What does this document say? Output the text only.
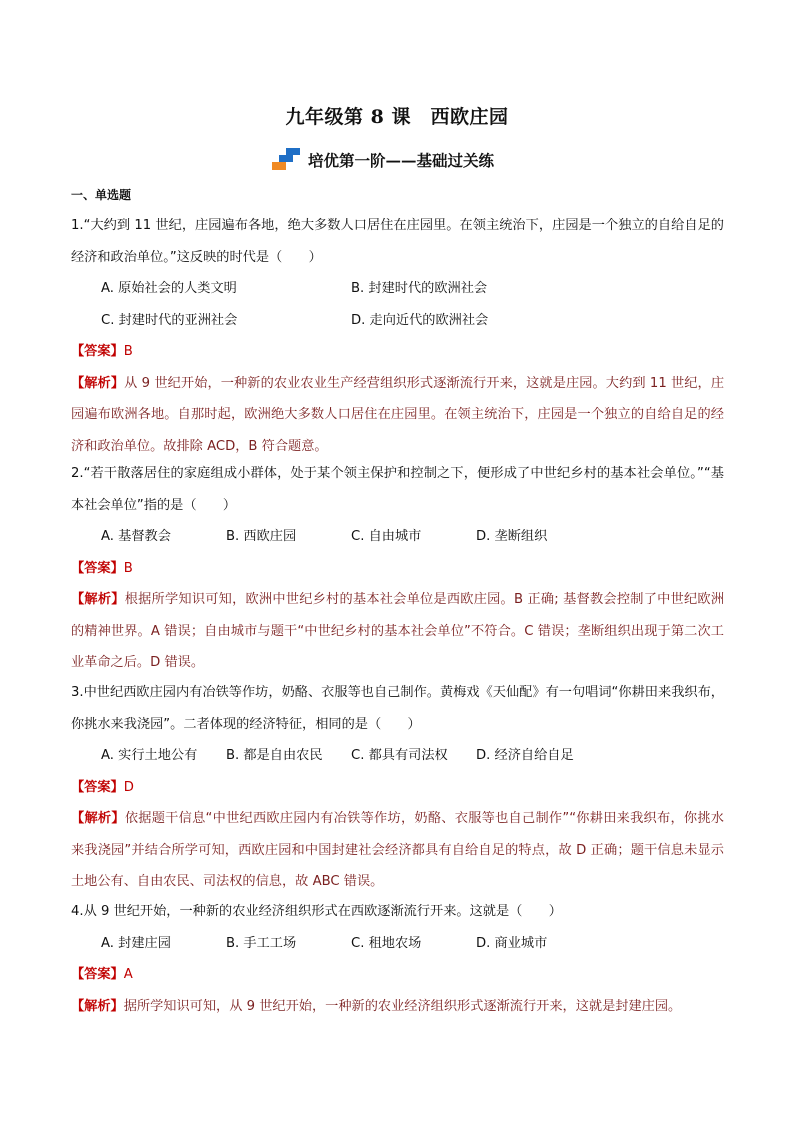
九年级第 8 课　西欧庄园
培优第一阶——基础过关练
一、单选题

1.“大约到 11 世纪，庄园遍布各地，绝大多数人口居住在庄园里。在领主统治下，庄园是一个独立的自给自足的经济和政治单位。”这反映的时代是（　　）

A. 原始社会的人类文明	B. 封建时代的欧洲社会
C. 封建时代的亚洲社会	D. 走向近代的欧洲社会

【答案】B

【解析】从 9 世纪开始，一种新的农业农业生产经营组织形式逐渐流行开来，这就是庄园。大约到 11 世纪，庄园遍布欧洲各地。自那时起，欧洲绝大多数人口居住在庄园里。在领主统治下，庄园是一个独立的自给自足的经济和政治单位。故排除 ACD，B 符合题意。

2.“若干散落居住的家庭组成小群体，处于某个领主保护和控制之下，便形成了中世纪乡村的基本社会单位。”“基本社会单位”指的是（　　）

A. 基督教会	B. 西欧庄园	C. 自由城市	D. 垄断组织

【答案】B

【解析】根据所学知识可知，欧洲中世纪乡村的基本社会单位是西欧庄园。B 正确; 基督教会控制了中世纪欧洲的精神世界。A 错误；自由城市与题干“中世纪乡村的基本社会单位”不符合。C 错误；垄断组织出现于第二次工业革命之后。D 错误。

3.中世纪西欧庄园内有冶铁等作坊，奶酪、衣服等也自己制作。黄梅戏《天仙配》有一句唱词“你耕田来我织布，你挑水来我浇园”。二者体现的经济特征，相同的是（　　）

A. 实行土地公有	B. 都是自由农民	C. 都具有司法权	D. 经济自给自足

【答案】D

【解析】依据题干信息“中世纪西欧庄园内有冶铁等作坊，奶酪、衣服等也自己制作”“你耕田来我织布，你挑水来我浇园”并结合所学可知，西欧庄园和中国封建社会经济都具有自给自足的特点，故 D 正确；题干信息未显示土地公有、自由农民、司法权的信息，故 ABC 错误。

4.从 9 世纪开始，一种新的农业经济组织形式在西欧逐渐流行开来。这就是（　　）

A. 封建庄园	B. 手工工场	C. 租地农场	D. 商业城市

【答案】A

【解析】据所学知识可知，从 9 世纪开始，一种新的农业经济组织形式逐渐流行开来，这就是封建庄园。
